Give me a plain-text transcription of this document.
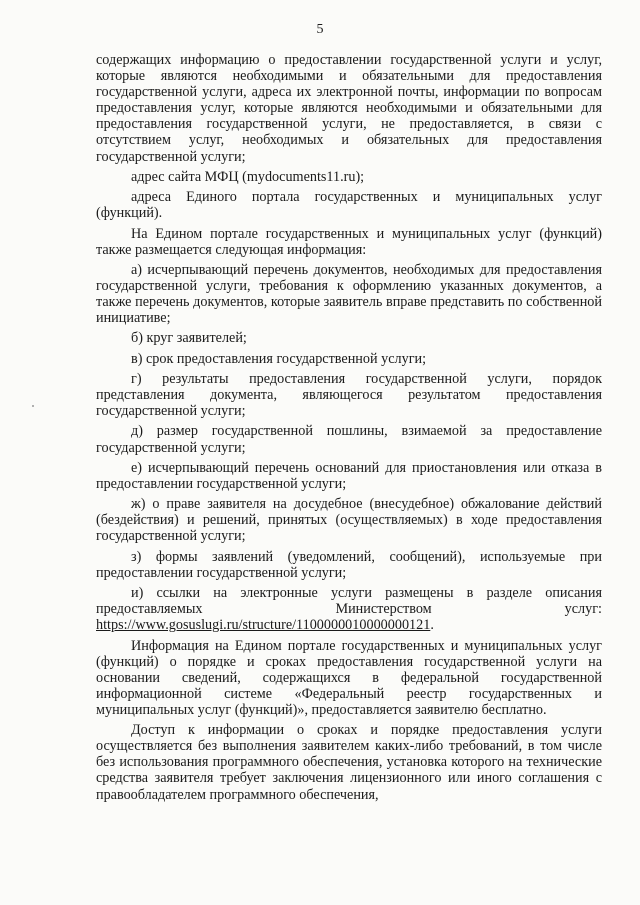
5

содержащих информацию о предоставлении государственной услуги и услуг, которые являются необходимыми и обязательными для предоставления государственной услуги, адреса их электронной почты, информации по вопросам предоставления услуг, которые являются необходимыми и обязательными для предоставления государственной услуги, не предоставляется, в связи с отсутствием услуг, необходимых и обязательных для предоставления государственной услуги;

адрес сайта МФЦ (mydocuments11.ru);

адреса Единого портала государственных и муниципальных услуг (функций).

На Едином портале государственных и муниципальных услуг (функций) также размещается следующая информация:

а) исчерпывающий перечень документов, необходимых для предоставления государственной услуги, требования к оформлению указанных документов, а также перечень документов, которые заявитель вправе представить по собственной инициативе;

б) круг заявителей;

в) срок предоставления государственной услуги;

г) результаты предоставления государственной услуги, порядок представления документа, являющегося результатом предоставления государственной услуги;

д) размер государственной пошлины, взимаемой за предоставление государственной услуги;

е) исчерпывающий перечень оснований для приостановления или отказа в предоставлении государственной услуги;

ж) о праве заявителя на досудебное (внесудебное) обжалование действий (бездействия) и решений, принятых (осуществляемых) в ходе предоставления государственной услуги;

з) формы заявлений (уведомлений, сообщений), используемые при предоставлении государственной услуги;

и) ссылки на электронные услуги размещены в разделе описания предоставляемых Министерством услуг: https://www.gosuslugi.ru/structure/1100000010000000121.

Информация на Едином портале государственных и муниципальных услуг (функций) о порядке и сроках предоставления государственной услуги на основании сведений, содержащихся в федеральной государственной информационной системе «Федеральный реестр государственных и муниципальных услуг (функций)», предоставляется заявителю бесплатно.

Доступ к информации о сроках и порядке предоставления услуги осуществляется без выполнения заявителем каких-либо требований, в том числе без использования программного обеспечения, установка которого на технические средства заявителя требует заключения лицензионного или иного соглашения с правообладателем программного обеспечения,
